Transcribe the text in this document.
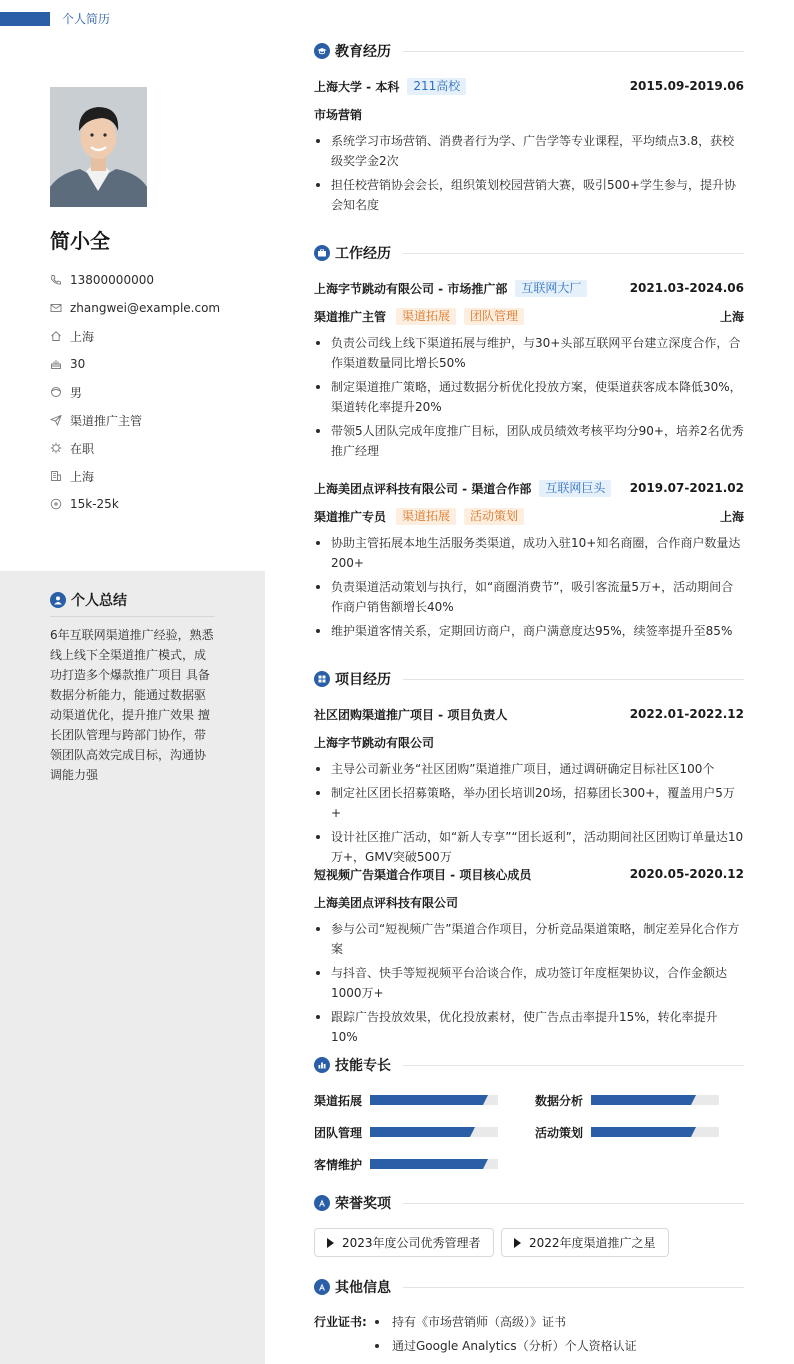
个人简历
简小全
13800000000
zhangwei@example.com
上海
30
男
渠道推广主管
在职
上海
15k-25k
个人总结
6年互联网渠道推广经验，熟悉
线上线下全渠道推广模式，成
功打造多个爆款推广项目 具备
数据分析能力，能通过数据驱
动渠道优化，提升推广效果 擅
长团队管理与跨部门协作，带
领团队高效完成目标，沟通协
调能力强
教育经历
上海大学 - 本科	211高校	2015.09-2019.06
市场营销
系统学习市场营销、消费者行为学、广告学等专业课程，平均绩点3.8，获校级奖学金2次
担任校营销协会会长，组织策划校园营销大赛，吸引500+学生参与，提升协会知名度
工作经历
上海字节跳动有限公司 - 市场推广部	互联网大厂	2021.03-2024.06
渠道推广主管	渠道拓展	团队管理	上海
负责公司线上线下渠道拓展与维护，与30+头部互联网平台建立深度合作，合作渠道数量同比增长50%
制定渠道推广策略，通过数据分析优化投放方案，使渠道获客成本降低30%，渠道转化率提升20%
带领5人团队完成年度推广目标，团队成员绩效考核平均分90+，培养2名优秀推广经理
上海美团点评科技有限公司 - 渠道合作部	互联网巨头	2019.07-2021.02
渠道推广专员	渠道拓展	活动策划	上海
协助主管拓展本地生活服务类渠道，成功入驻10+知名商圈，合作商户数量达200+
负责渠道活动策划与执行，如“商圈消费节”，吸引客流量5万+，活动期间合作商户销售额增长40%
维护渠道客情关系，定期回访商户，商户满意度达95%，续签率提升至85%
项目经历
社区团购渠道推广项目 - 项目负责人	2022.01-2022.12
上海字节跳动有限公司
主导公司新业务“社区团购”渠道推广项目，通过调研确定目标社区100个
制定社区团长招募策略，举办团长培训20场，招募团长300+，覆盖用户5万+
设计社区推广活动，如“新人专享”“团长返利”，活动期间社区团购订单量达10万+，GMV突破500万
短视频广告渠道合作项目 - 项目核心成员	2020.05-2020.12
上海美团点评科技有限公司
参与公司“短视频广告”渠道合作项目，分析竞品渠道策略，制定差异化合作方案
与抖音、快手等短视频平台洽谈合作，成功签订年度框架协议，合作金额达1000万+
跟踪广告投放效果，优化投放素材，使广告点击率提升15%，转化率提升10%
技能专长
渠道拓展	数据分析
团队管理	活动策划
客情维护
荣誉奖项
2023年度公司优秀管理者	2022年度渠道推广之星
其他信息
行业证书:	持有《市场营销师（高级）》证书
通过Google Analytics（分析）个人资格认证
